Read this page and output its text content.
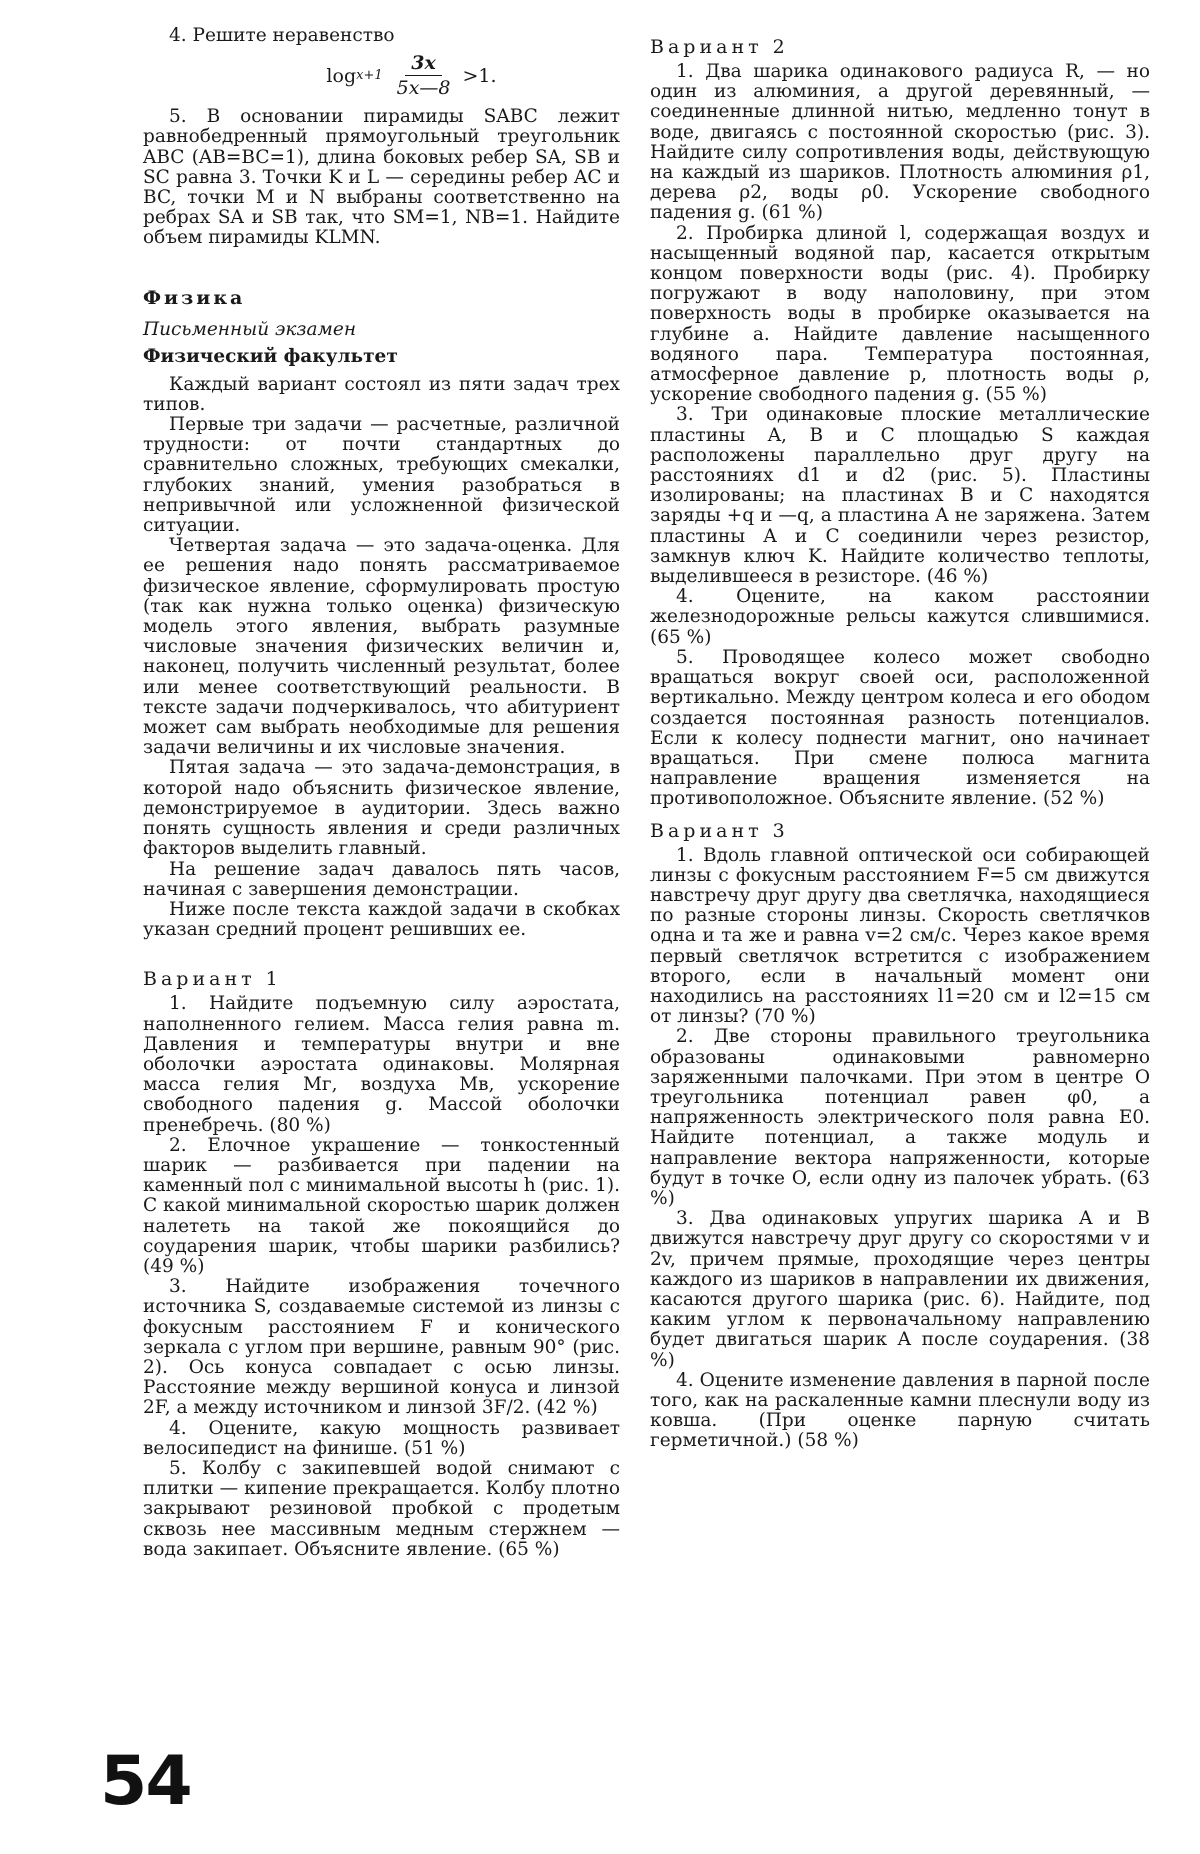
4. Решите неравенство

$\log x+1 \frac{3x}{5x—8} >1$.

5. В основании пирамиды SABC лежит равнобедренный прямоугольный треугольник ABC (AB=BC=1), длина боковых ребер SA, SB и SC равна 3. Точки K и L — середины ребер AC и BC, точки M и N выбраны соответственно на ребрах SA и SB так, что SM=1, NB=1. Найдите объем пирамиды KLMN.

Физика
Письменный экзамен
Физический факультет

Каждый вариант состоял из пяти задач трех типов.

Первые три задачи — расчетные, различной трудности: от почти стандартных до сравнительно сложных, требующих смекалки, глубоких знаний, умения разобраться в непривычной или усложненной физической ситуации.

Четвертая задача — это задача-оценка. Для ее решения надо понять рассматриваемое физическое явление, сформулировать простую (так как нужна только оценка) физическую модель этого явления, выбрать разумные числовые значения физических величин и, наконец, получить численный результат, более или менее соответствующий реальности. В тексте задачи подчеркивалось, что абитуриент может сам выбрать необходимые для решения задачи величины и их числовые значения.

Пятая задача — это задача-демонстрация, в которой надо объяснить физическое явление, демонстрируемое в аудитории. Здесь важно понять сущность явления и среди различных факторов выделить главный.

На решение задач давалось пять часов, начиная с завершения демонстрации.

Ниже после текста каждой задачи в скобках указан средний процент решивших ее.

Вариант 1

1. Найдите подъемную силу аэростата, наполненного гелием. Масса гелия равна m. Давления и температуры внутри и вне оболочки аэростата одинаковы. Молярная масса гелия Mг, воздуха Mв, ускорение свободного падения g. Массой оболочки пренебречь. (80 %)

2. Елочное украшение — тонкостенный шарик — разбивается при падении на каменный пол с минимальной высоты h (рис. 1). С какой минимальной скоростью шарик должен налететь на такой же покоящийся до соударения шарик, чтобы шарики разбились? (49 %)

3. Найдите изображения точечного источника S, создаваемые системой из линзы с фокусным расстоянием F и конического зеркала с углом при вершине, равным 90° (рис. 2). Ось конуса совпадает с осью линзы. Расстояние между вершиной конуса и линзой 2F, а между источником и линзой 3F/2. (42 %)

4. Оцените, какую мощность развивает велосипедист на финише. (51 %)

5. Колбу с закипевшей водой снимают с плитки — кипение прекращается. Колбу плотно закрывают резиновой пробкой с продетым сквозь нее массивным медным стержнем — вода закипает. Объясните явление. (65 %)

Вариант 2

1. Два шарика одинакового радиуса R, — но один из алюминия, а другой деревянный, — соединенные длинной нитью, медленно тонут в воде, двигаясь с постоянной скоростью (рис. 3). Найдите силу сопротивления воды, действующую на каждый из шариков. Плотность алюминия ρ1, дерева ρ2, воды ρ0. Ускорение свободного падения g. (61 %)

2. Пробирка длиной l, содержащая воздух и насыщенный водяной пар, касается открытым концом поверхности воды (рис. 4). Пробирку погружают в воду наполовину, при этом поверхность воды в пробирке оказывается на глубине a. Найдите давление насыщенного водяного пара. Температура постоянная, атмосферное давление p, плотность воды ρ, ускорение свободного падения g. (55 %)

3. Три одинаковые плоские металлические пластины A, B и C площадью S каждая расположены параллельно друг другу на расстояниях d1 и d2 (рис. 5). Пластины изолированы; на пластинах B и C находятся заряды +q и —q, а пластина A не заряжена. Затем пластины A и C соединили через резистор, замкнув ключ K. Найдите количество теплоты, выделившееся в резисторе. (46 %)

4. Оцените, на каком расстоянии железнодорожные рельсы кажутся слившимися. (65 %)

5. Проводящее колесо может свободно вращаться вокруг своей оси, расположенной вертикально. Между центром колеса и его ободом создается постоянная разность потенциалов. Если к колесу поднести магнит, оно начинает вращаться. При смене полюса магнита направление вращения изменяется на противоположное. Объясните явление. (52 %)

Вариант 3

1. Вдоль главной оптической оси собирающей линзы с фокусным расстоянием F=5 см движутся навстречу друг другу два светлячка, находящиеся по разные стороны линзы. Скорость светлячков одна и та же и равна v=2 см/с. Через какое время первый светлячок встретится с изображением второго, если в начальный момент они находились на расстояниях l1=20 см и l2=15 см от линзы? (70 %)

2. Две стороны правильного треугольника образованы одинаковыми равномерно заряженными палочками. При этом в центре O треугольника потенциал равен φ0, а напряженность электрического поля равна E0. Найдите потенциал, а также модуль и направление вектора напряженности, которые будут в точке O, если одну из палочек убрать. (63 %)

3. Два одинаковых упругих шарика A и B движутся навстречу друг другу со скоростями v и 2v, причем прямые, проходящие через центры каждого из шариков в направлении их движения, касаются другого шарика (рис. 6). Найдите, под каким углом к первоначальному направлению будет двигаться шарик A после соударения. (38 %)

4. Оцените изменение давления в парной после того, как на раскаленные камни плеснули воду из ковша. (При оценке парную считать герметичной.) (58 %)

54
